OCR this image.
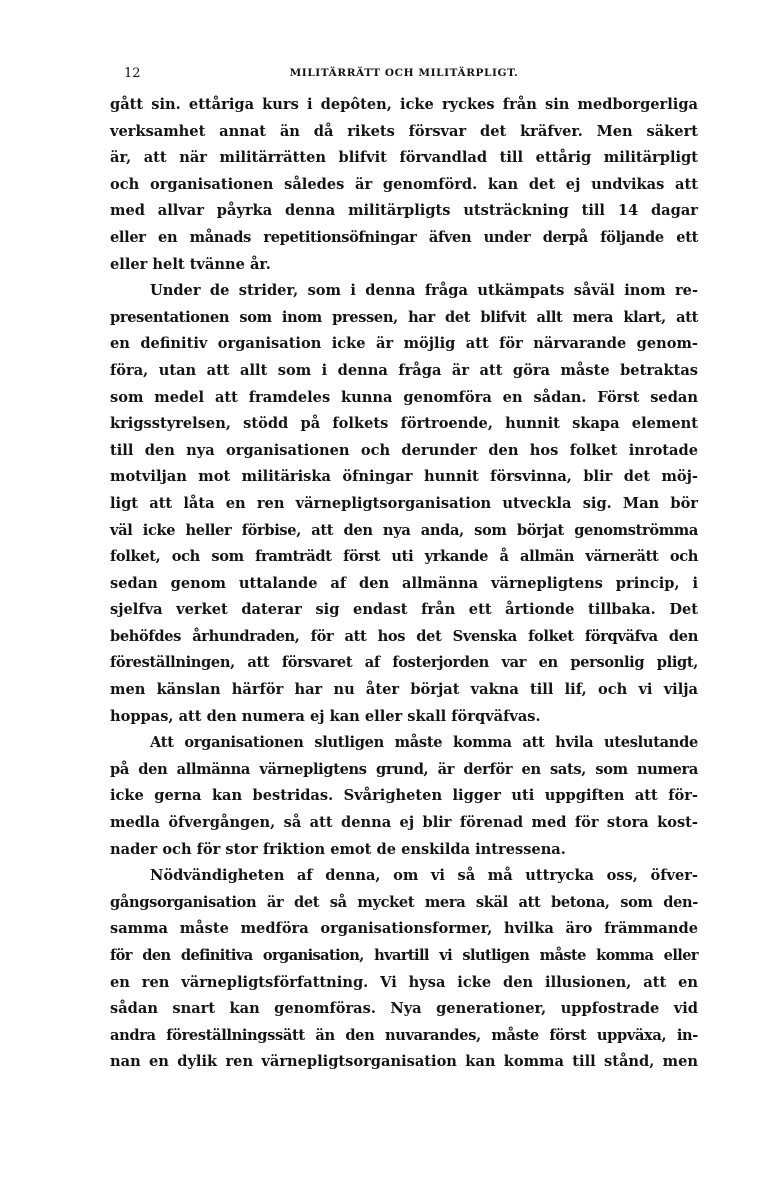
12	MILITÄRRÄTT OCH MILITÄRPLIGT.
gått sin. ettåriga kurs i depôten, icke ryckes från sin medborgerliga
verksamhet annat än då rikets försvar det kräfver. Men säkert
är, att när militärrätten blifvit förvandlad till ettårig militärpligt
och organisationen således är genomförd. kan det ej undvikas att
med allvar påyrka denna militärpligts utsträckning till 14 dagar
eller en månads repetitionsöfningar äfven under derpå följande ett
eller helt tvänne år.
Under de strider, som i denna fråga utkämpats såväl inom re-
presentationen som inom pressen, har det blifvit allt mera klart, att
en definitiv organisation icke är möjlig att för närvarande genom-
föra, utan att allt som i denna fråga är att göra måste betraktas
som medel att framdeles kunna genomföra en sådan. Först sedan
krigsstyrelsen, stödd på folkets förtroende, hunnit skapa element
till den nya organisationen och derunder den hos folket inrotade
motviljan mot militäriska öfningar hunnit försvinna, blir det möj-
ligt att låta en ren värnepligtsorganisation utveckla sig. Man bör
väl icke heller förbise, att den nya anda, som börjat genomströmma
folket, och som framträdt först uti yrkande å allmän värnerätt och
sedan genom uttalande af den allmänna värnepligtens princip, i
sjelfva verket daterar sig endast från ett årtionde tillbaka. Det
behöfdes århundraden, för att hos det Svenska folket förqväfva den
föreställningen, att försvaret af fosterjorden var en personlig pligt,
men känslan härför har nu åter börjat vakna till lif, och vi vilja
hoppas, att den numera ej kan eller skall förqväfvas.
Att organisationen slutligen måste komma att hvila uteslutande
på den allmänna värnepligtens grund, är derför en sats, som numera
icke gerna kan bestridas. Svårigheten ligger uti uppgiften att för-
medla öfvergången, så att denna ej blir förenad med för stora kost-
nader och för stor friktion emot de enskilda intressena.
Nödvändigheten af denna, om vi så må uttrycka oss, öfver-
gångsorganisation är det så mycket mera skäl att betona, som den-
samma måste medföra organisationsformer, hvilka äro främmande
för den definitiva organisation, hvartill vi slutligen måste komma eller
en ren värnepligtsförfattning. Vi hysa icke den illusionen, att en
sådan snart kan genomföras. Nya generationer, uppfostrade vid
andra föreställningssätt än den nuvarandes, måste först uppväxa, in-
nan en dylik ren värnepligtsorganisation kan komma till stånd, men
